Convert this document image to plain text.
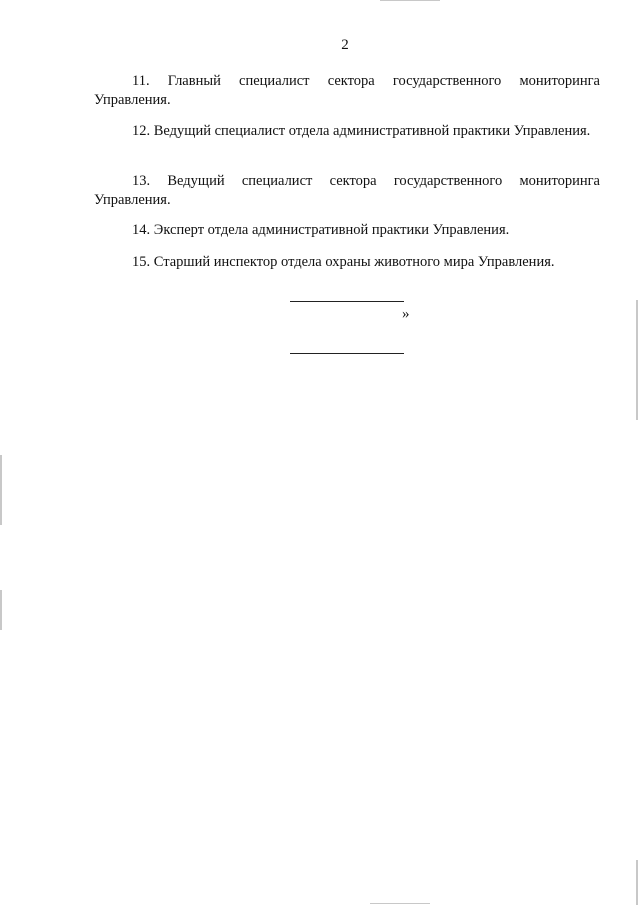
2

11. Главный специалист сектора государственного мониторинга Управления.

12. Ведущий специалист отдела административной практики Управления.

13. Ведущий специалист сектора государственного мониторинга Управления.

14. Эксперт отдела административной практики Управления.

15. Старший инспектор отдела охраны животного мира Управления.

»
